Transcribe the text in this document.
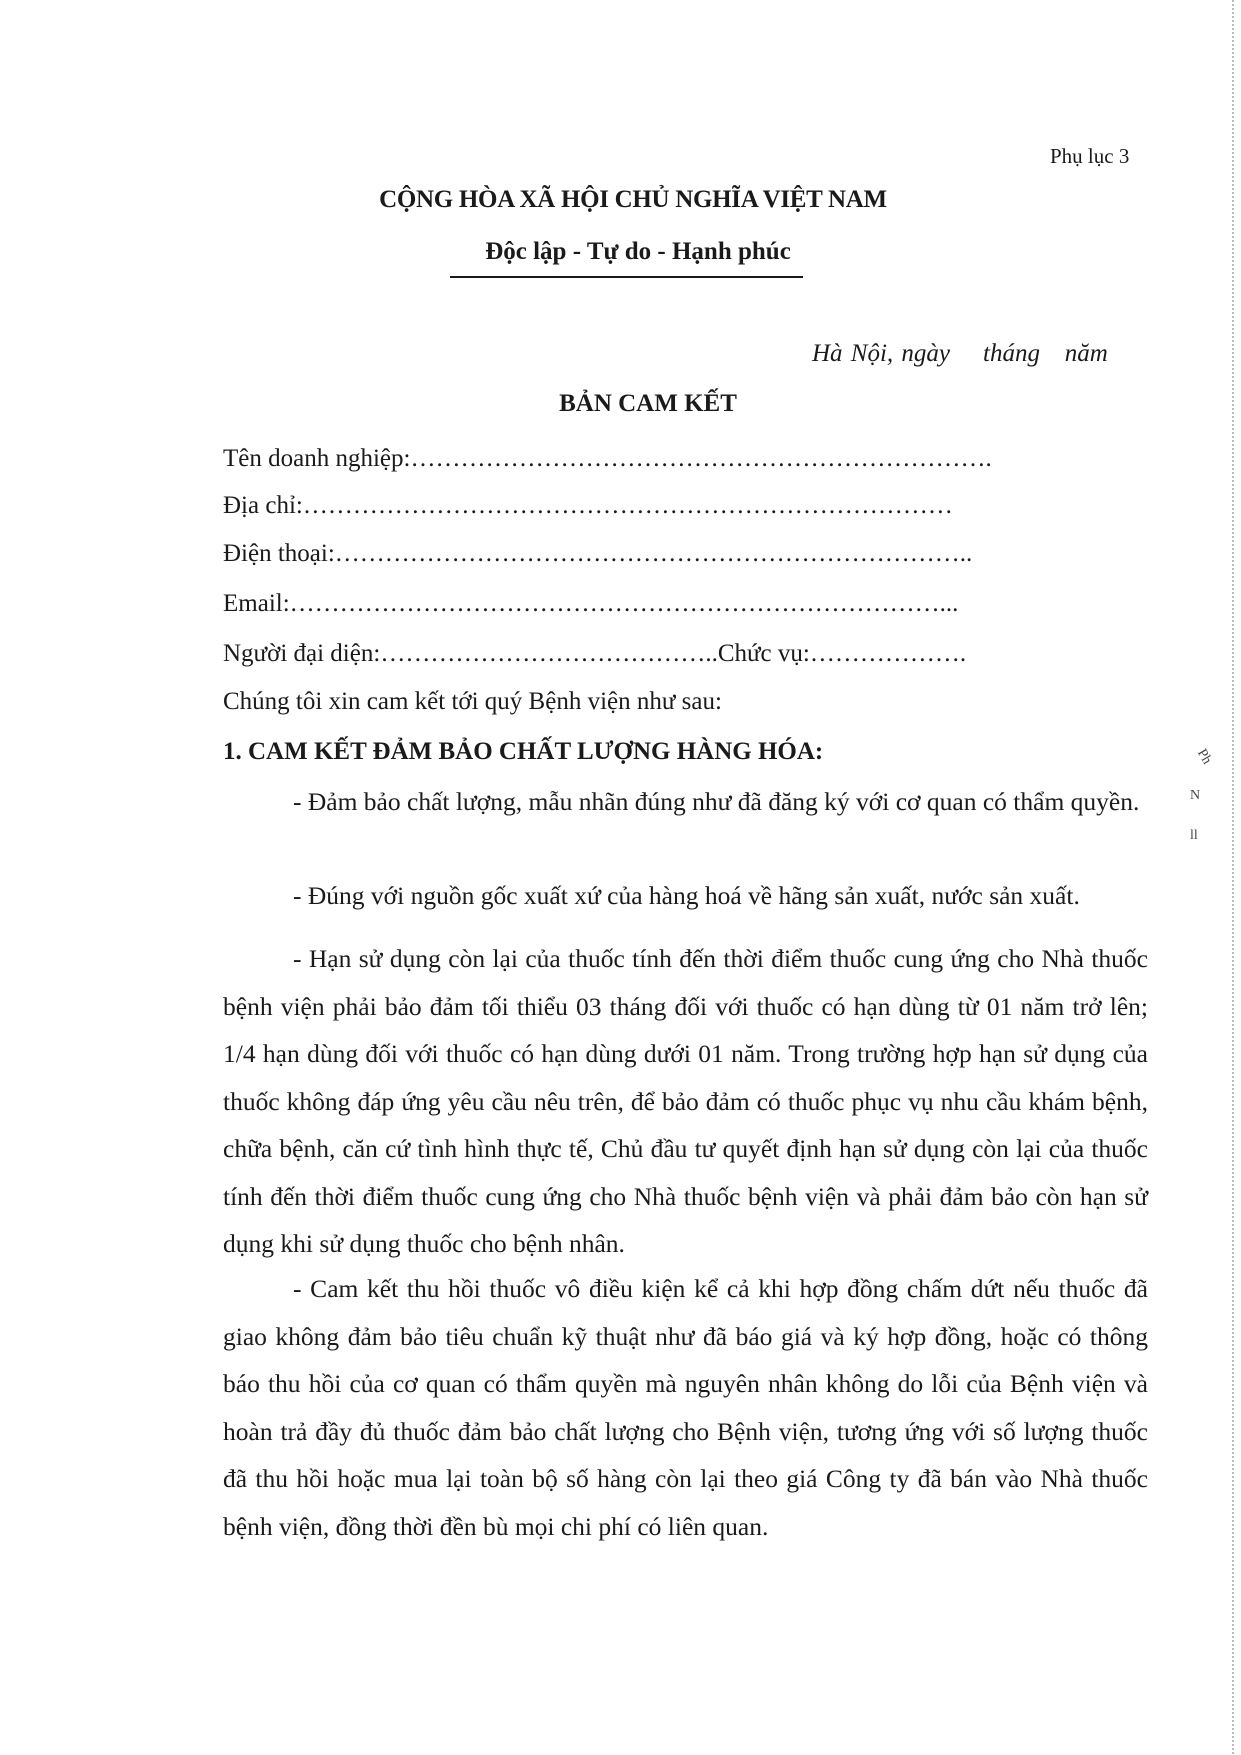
Phụ lục 3
CỘNG HÒA XÃ HỘI CHỦ NGHĨA VIỆT NAM
Độc lập - Tự do - Hạnh phúc
Hà Nội, ngày    tháng   năm
BẢN CAM KẾT
Tên doanh nghiệp:…………………………………………………………….
Địa chỉ:……………………………………………………………………
Điện thoại:…………………………………………………………………..
Email:……………………………………………………………………...
Người đại diện:…………………………………..Chức vụ:……………….
Chúng tôi xin cam kết tới quý Bệnh viện như sau:
1. CAM KẾT ĐẢM BẢO CHẤT LƯỢNG HÀNG HÓA:
- Đảm bảo chất lượng, mẫu nhãn đúng như đã đăng ký với cơ quan có thẩm quyền.
- Đúng với nguồn gốc xuất xứ của hàng hoá về hãng sản xuất, nước sản xuất.
- Hạn sử dụng còn lại của thuốc tính đến thời điểm thuốc cung ứng cho Nhà thuốc bệnh viện phải bảo đảm tối thiểu 03 tháng đối với thuốc có hạn dùng từ 01 năm trở lên; 1/4 hạn dùng đối với thuốc có hạn dùng dưới 01 năm. Trong trường hợp hạn sử dụng của thuốc không đáp ứng yêu cầu nêu trên, để bảo đảm có thuốc phục vụ nhu cầu khám bệnh, chữa bệnh, căn cứ tình hình thực tế, Chủ đầu tư quyết định hạn sử dụng còn lại của thuốc tính đến thời điểm thuốc cung ứng cho Nhà thuốc bệnh viện và phải đảm bảo còn hạn sử dụng khi sử dụng thuốc cho bệnh nhân.
- Cam kết thu hồi thuốc vô điều kiện kể cả khi hợp đồng chấm dứt nếu thuốc đã giao không đảm bảo tiêu chuẩn kỹ thuật như đã báo giá và ký hợp đồng, hoặc có thông báo thu hồi của cơ quan có thẩm quyền mà nguyên nhân không do lỗi của Bệnh viện và hoàn trả đầy đủ thuốc đảm bảo chất lượng cho Bệnh viện, tương ứng với số lượng thuốc đã thu hồi hoặc mua lại toàn bộ số hàng còn lại theo giá Công ty đã bán vào Nhà thuốc bệnh viện, đồng thời đền bù mọi chi phí có liên quan.
Ph
N
ll
